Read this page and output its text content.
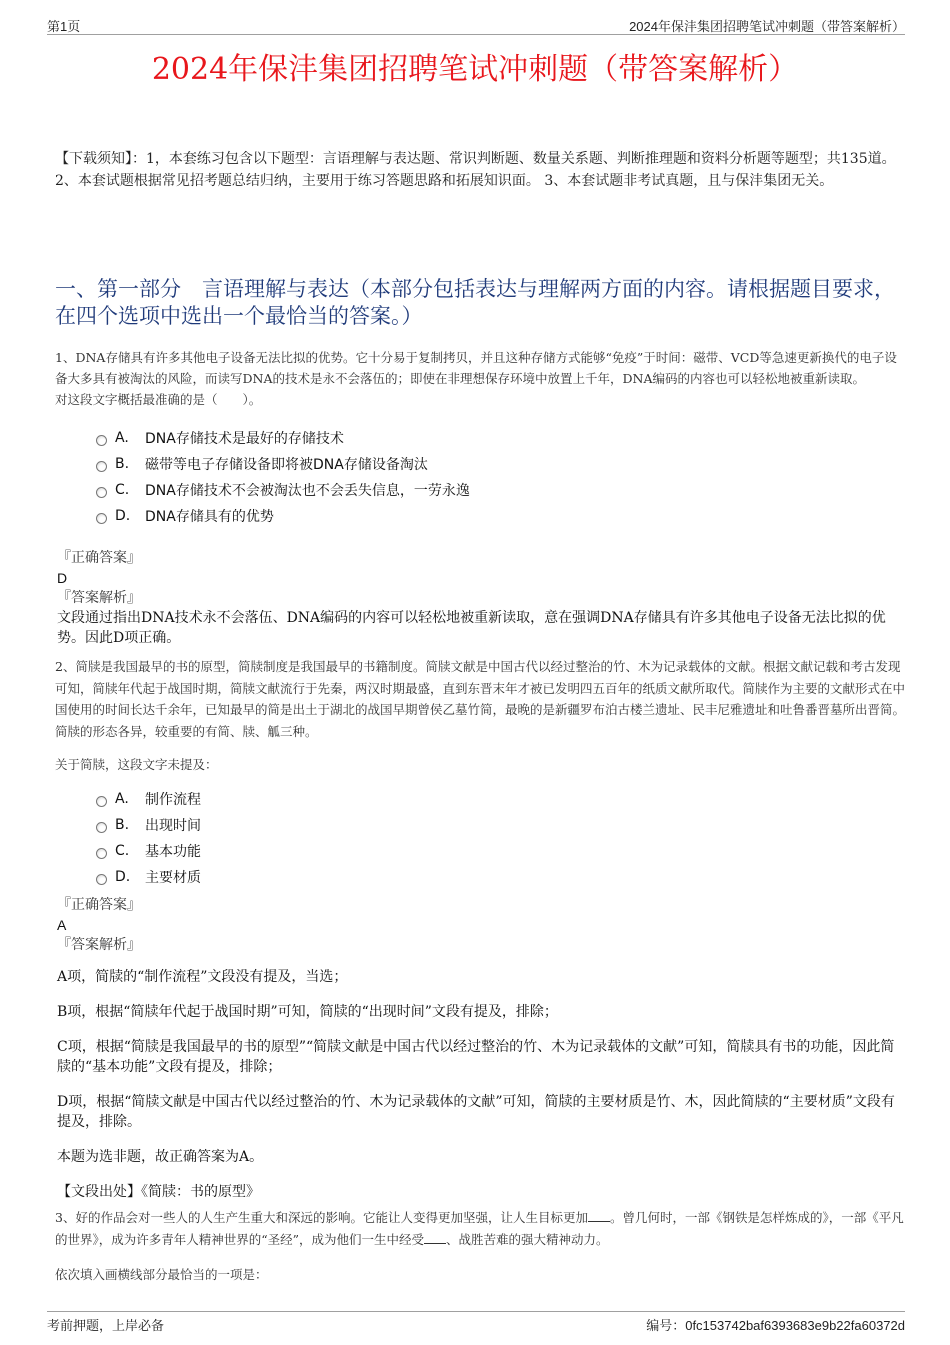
第1页	2024年保沣集团招聘笔试冲刺题（带答案解析）
2024年保沣集团招聘笔试冲刺题（带答案解析）
【下载须知】：1，本套练习包含以下题型：言语理解与表达题、常识判断题、数量关系题、判断推理题和资料分析题等题型；共135道。 2、本套试题根据常见招考题总结归纳，主要用于练习答题思路和拓展知识面。 3、本套试题非考试真题，且与保沣集团无关。
一、第一部分　言语理解与表达（本部分包括表达与理解两方面的内容。请根据题目要求，在四个选项中选出一个最恰当的答案。）

1、DNA存储具有许多其他电子设备无法比拟的优势。它十分易于复制拷贝，并且这种存储方式能够“免疫”于时间：磁带、VCD等急速更新换代的电子设备大多具有被淘汰的风险，而读写DNA的技术是永不会落伍的；即使在非理想保存环境中放置上千年，DNA编码的内容也可以轻松地被重新读取。

对这段文字概括最准确的是（　　）。

A.	DNA存储技术是最好的存储技术
B.	磁带等电子存储设备即将被DNA存储设备淘汰
C.	DNA存储技术不会被淘汰也不会丢失信息，一劳永逸
D.	DNA存储具有的优势
『正确答案』
D
『答案解析』

文段通过指出DNA技术永不会落伍、DNA编码的内容可以轻松地被重新读取，意在强调DNA存储具有许多其他电子设备无法比拟的优势。因此D项正确。

2、简牍是我国最早的书的原型，简牍制度是我国最早的书籍制度。简牍文献是中国古代以经过整治的竹、木为记录载体的文献。根据文献记载和考古发现可知，简牍年代起于战国时期，简牍文献流行于先秦，两汉时期最盛，直到东晋末年才被已发明四五百年的纸质文献所取代。简牍作为主要的文献形式在中国使用的时间长达千余年，已知最早的简是出土于湖北的战国早期曾侯乙墓竹简，最晚的是新疆罗布泊古楼兰遗址、民丰尼雅遗址和吐鲁番晋墓所出晋简。简牍的形态各异，较重要的有简、牍、觚三种。

关于简牍，这段文字未提及：

A.	制作流程
B.	出现时间
C.	基本功能
D.	主要材质
『正确答案』
A
『答案解析』

A项，简牍的“制作流程”文段没有提及，当选；

B项，根据“简牍年代起于战国时期”可知，简牍的“出现时间”文段有提及，排除；

C项，根据“简牍是我国最早的书的原型”“简牍文献是中国古代以经过整治的竹、木为记录载体的文献”可知，简牍具有书的功能，因此简牍的“基本功能”文段有提及，排除；

D项，根据“简牍文献是中国古代以经过整治的竹、木为记录载体的文献”可知，简牍的主要材质是竹、木，因此简牍的“主要材质”文段有提及，排除。

本题为选非题，故正确答案为A。

【文段出处】《简牍：书的原型》

3、好的作品会对一些人的人生产生重大和深远的影响。它能让人变得更加坚强，让人生目标更加 。曾几何时，一部《钢铁是怎样炼成的》，一部《平凡的世界》，成为许多青年人精神世界的“圣经”，成为他们一生中经受 、战胜苦难的强大精神动力。

依次填入画横线部分最恰当的一项是：

考前押题，上岸必备	编号：0fc153742baf6393683e9b22fa60372d
